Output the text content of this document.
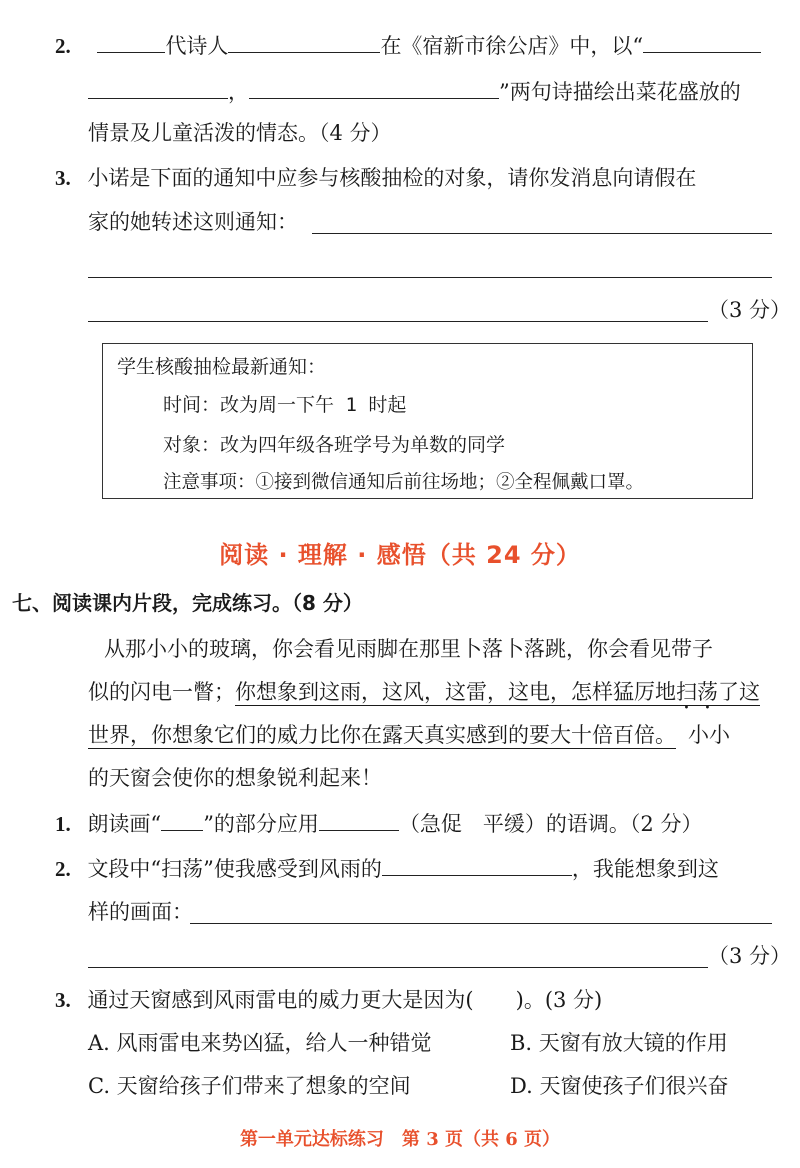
2.	代诗人	在《宿新市徐公店》中，以“
，	”两句诗描绘出菜花盛放的
情景及儿童活泼的情态。（4 分）
3. 小诺是下面的通知中应参与核酸抽检的对象，请你发消息向请假在
家的她转述这则通知：
（3 分）
学生核酸抽检最新通知：
时间：改为周一下午 1 时起
对象：改为四年级各班学号为单数的同学
注意事项：①接到微信通知后前往场地；②全程佩戴口罩。
阅读 · 理解 · 感悟（共 24 分）
七、阅读课内片段，完成练习。（8 分）
从那小小的玻璃，你会看见雨脚在那里卜落卜落跳，你会看见带子
似的闪电一瞥；你想象到这雨，这风，这雷，这电，怎样猛厉地扫荡了这
世界，你想象它们的威力比你在露天真实感到的要大十倍百倍。 小小
的天窗会使你的想象锐利起来！
1. 朗读画“ ”的部分应用	（急促　平缓）的语调。（2 分）
2. 文段中“扫荡”使我感受到风雨的	，我能想象到这
样的画面：
（3 分）
3. 通过天窗感到风雨雷电的威力更大是因为(　　)。(3 分)
A. 风雨雷电来势凶猛，给人一种错觉	B. 天窗有放大镜的作用
C. 天窗给孩子们带来了想象的空间	D. 天窗使孩子们很兴奋
第一单元达标练习　第 3 页（共 6 页）
